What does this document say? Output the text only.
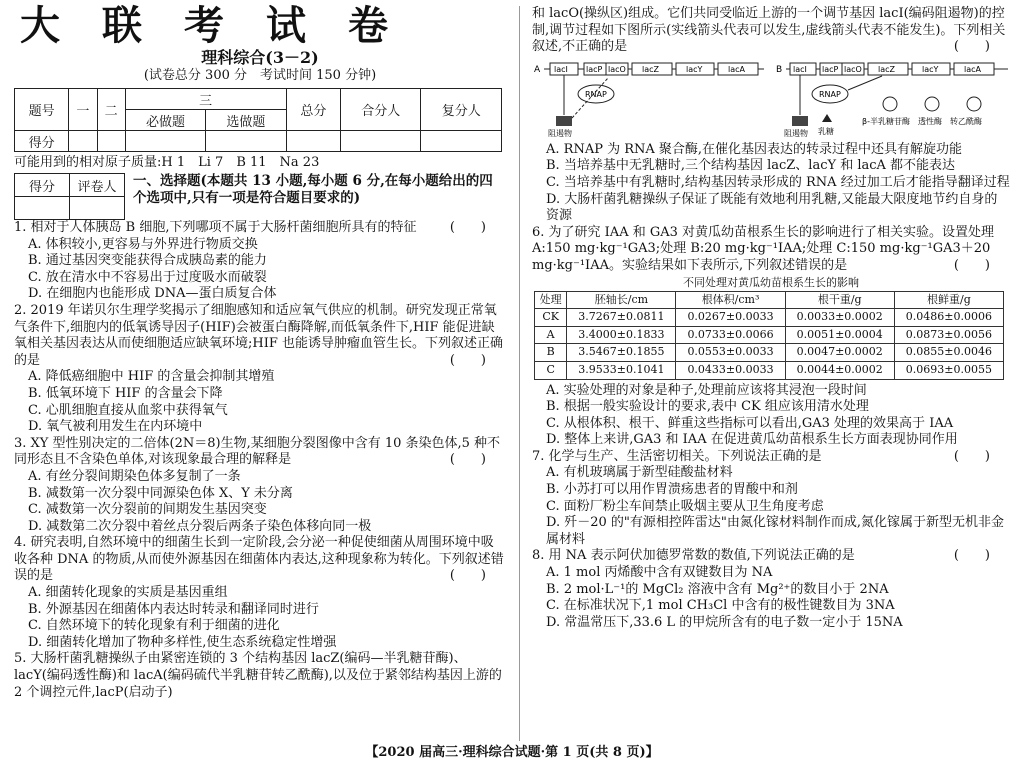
大联考试卷
理科综合(3－2)
(试卷总分 300 分　考试时间 150 分钟)
题号	一	二	三		总分	合分人	复分人
			必做题	选做题			
得分							
可能用到的相对原子质量:H 1　Li 7　B 11　Na 23
得分	评卷人
	一、选择题(本题共 13 小题,每小题 6 分,在每小题给出的四个选项中,只有一项是符合题目要求的)

1. 相对于人体胰岛 B 细胞,下列哪项不属于大肠杆菌细胞所具有的特征	(　　)

A. 体积较小,更容易与外界进行物质交换

B. 通过基因突变能获得合成胰岛素的能力

C. 放在清水中不容易出于过度吸水而破裂

D. 在细胞内也能形成 DNA—蛋白质复合体

2. 2019 年诺贝尔生理学奖揭示了细胞感知和适应氧气供应的机制。研究发现正常氧气条件下,细胞内的低氧诱导因子(HIF)会被蛋白酶降解,而低氧条件下,HIF 能促进缺氧相关基因表达从而使细胞适应缺氧环境;HIF 也能诱导肿瘤血管生长。下列叙述正确的是	(　　)

A. 降低癌细胞中 HIF 的含量会抑制其增殖

B. 低氧环境下 HIF 的含量会下降

C. 心肌细胞直接从血浆中获得氧气

D. 氧气被利用发生在内环境中

3. XY 型性别决定的二倍体(2N＝8)生物,某细胞分裂图像中含有 10 条染色体,5 种不同形态且不含染色单体,对该现象最合理的解释是	(　　)

A. 有丝分裂间期染色体多复制了一条

B. 减数第一次分裂中同源染色体 X、Y 未分离

C. 减数第一次分裂前的间期发生基因突变

D. 减数第二次分裂中着丝点分裂后两条子染色体移向同一极

4. 研究表明,自然环境中的细菌生长到一定阶段,会分泌一种促使细菌从周围环境中吸收各种 DNA 的物质,从而使外源基因在细菌体内表达,这种现象称为转化。下列叙述错误的是	(　　)

A. 细菌转化现象的实质是基因重组

B. 外源基因在细菌体内表达时转录和翻译同时进行

C. 自然环境下的转化现象有利于细菌的进化

D. 细菌转化增加了物种多样性,使生态系统稳定性增强

5. 大肠杆菌乳糖操纵子由紧密连锁的 3 个结构基因 lacZ(编码—半乳糖苷酶)、lacY(编码透性酶)和 lacA(编码硫代半乳糖苷转乙酰酶),以及位于紧邻结构基因上游的 2 个调控元件,lacP(启动子)

和 lacO(操纵区)组成。它们共同受临近上游的一个调节基因 lacI(编码阻遏物)的控制,调节过程如下图所示(实线箭头代表可以发生,虚线箭头代表不能发生)。下列相关叙述,不正确的是	(　　)

A lacI lacP lacO lacZ	lacY	lacA
RNAP
阻遏物
B lacI lacP lacO lacZ	lacY	lacA
RNAP
阻遏物 乳糖
β-半乳糖苷酶　透性酶　转乙酰酶

A. RNAP 为 RNA 聚合酶,在催化基因表达的转录过程中还具有解旋功能

B. 当培养基中无乳糖时,三个结构基因 lacZ、lacY 和 lacA 都不能表达

C. 当培养基中有乳糖时,结构基因转录形成的 RNA 经过加工后才能指导翻译过程

D. 大肠杆菌乳糖操纵子保证了既能有效地利用乳糖,又能最大限度地节约自身的资源

6. 为了研究 IAA 和 GA3 对黄瓜幼苗根系生长的影响进行了相关实验。设置处理 A:150 mg·kg⁻¹GA3;处理 B:20 mg·kg⁻¹IAA;处理 C:150 mg·kg⁻¹GA3＋20 mg·kg⁻¹IAA。实验结果如下表所示,下列叙述错误的是	(　　)

不同处理对黄瓜幼苗根系生长的影响
处理	胚轴长/cm	根体积/cm³	根干重/g	根鲜重/g
CK	3.7267±0.0811	0.0267±0.0033	0.0033±0.0002	0.0486±0.0006
A	3.4000±0.1833	0.0733±0.0066	0.0051±0.0004	0.0873±0.0056
B	3.5467±0.1855	0.0553±0.0033	0.0047±0.0002	0.0855±0.0046
C	3.9533±0.1041	0.0433±0.0033	0.0044±0.0002	0.0693±0.0055

A. 实验处理的对象是种子,处理前应该将其浸泡一段时间

B. 根据一般实验设计的要求,表中 CK 组应该用清水处理

C. 从根体积、根干、鲜重这些指标可以看出,GA3 处理的效果高于 IAA

D. 整体上来讲,GA3 和 IAA 在促进黄瓜幼苗根系生长方面表现协同作用

7. 化学与生产、生活密切相关。下列说法正确的是	(　　)

A. 有机玻璃属于新型硅酸盐材料

B. 小苏打可以用作胃溃疡患者的胃酸中和剂

C. 面粉厂粉尘车间禁止吸烟主要从卫生角度考虑

D. 歼－20 的"有源相控阵雷达"由氮化镓材料制作而成,氮化镓属于新型无机非金属材料

8. 用 NA 表示阿伏加德罗常数的数值,下列说法正确的是	(　　)

A. 1 mol 丙烯酸中含有双键数目为 NA

B. 2 mol·L⁻¹的 MgCl₂ 溶液中含有 Mg²⁺的数目小于 2NA

C. 在标准状况下,1 mol CH₃Cl 中含有的极性键数目为 3NA

D. 常温常压下,33.6 L 的甲烷所含有的电子数一定小于 15NA

【2020 届高三·理科综合试题·第 1 页(共 8 页)】
